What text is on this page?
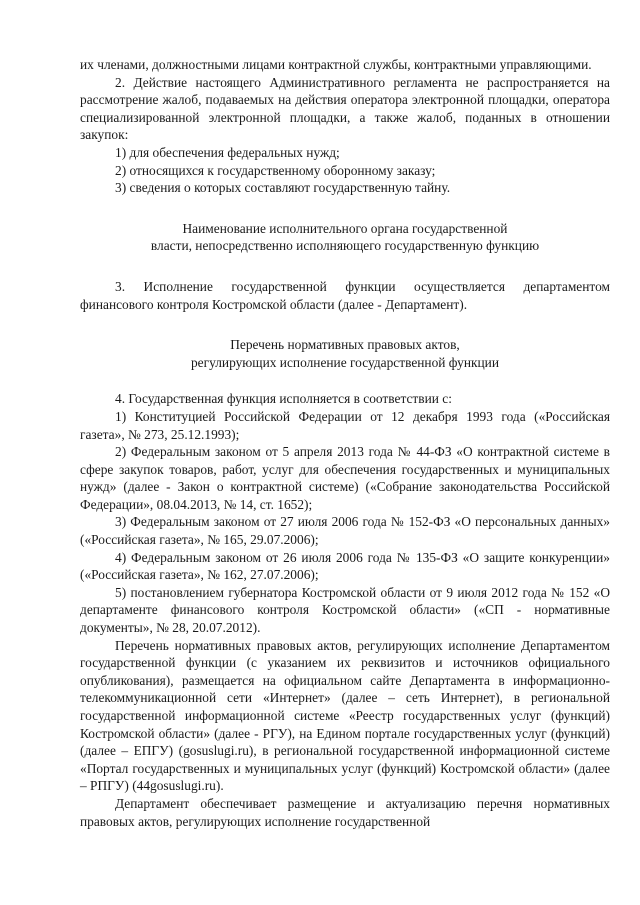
их членами, должностными лицами контрактной службы, контрактными управляющими.

2. Действие настоящего Административного регламента не распространяется на рассмотрение жалоб, подаваемых на действия оператора электронной площадки, оператора специализированной электронной площадки, а также жалоб, поданных в отношении закупок:

1) для обеспечения федеральных нужд;

2) относящихся к государственному оборонному заказу;

3) сведения о которых составляют государственную тайну.

Наименование исполнительного органа государственной

власти, непосредственно исполняющего государственную функцию

3. Исполнение государственной функции осуществляется департаментом финансового контроля Костромской области (далее - Департамент).

Перечень нормативных правовых актов,

регулирующих исполнение государственной функции

4. Государственная функция исполняется в соответствии с:

1) Конституцией Российской Федерации от 12 декабря 1993 года («Российская газета», № 273, 25.12.1993);

2) Федеральным законом от 5 апреля 2013 года № 44-ФЗ «О контрактной системе в сфере закупок товаров, работ, услуг для обеспечения государственных и муниципальных нужд» (далее - Закон о контрактной системе) («Собрание законодательства Российской Федерации», 08.04.2013, № 14, ст. 1652);

3) Федеральным законом от 27 июля 2006 года № 152-ФЗ «О персональных данных» («Российская газета», № 165, 29.07.2006);

4) Федеральным законом от 26 июля 2006 года № 135-ФЗ «О защите конкуренции» («Российская газета», № 162, 27.07.2006);

5) постановлением губернатора Костромской области от 9 июля 2012 года № 152 «О департаменте финансового контроля Костромской области» («СП - нормативные документы», № 28, 20.07.2012).

Перечень нормативных правовых актов, регулирующих исполнение Департаментом государственной функции (с указанием их реквизитов и источников официального опубликования), размещается на официальном сайте Департамента в информационно-телекоммуникационной сети «Интернет» (далее – сеть Интернет), в региональной государственной информационной системе «Реестр государственных услуг (функций) Костромской области» (далее - РГУ), на Едином портале государственных услуг (функций) (далее – ЕПГУ) (gosuslugi.ru), в региональной государственной информационной системе «Портал государственных и муниципальных услуг (функций) Костромской области» (далее – РПГУ) (44gosuslugi.ru).

Департамент обеспечивает размещение и актуализацию перечня нормативных правовых актов, регулирующих исполнение государственной
